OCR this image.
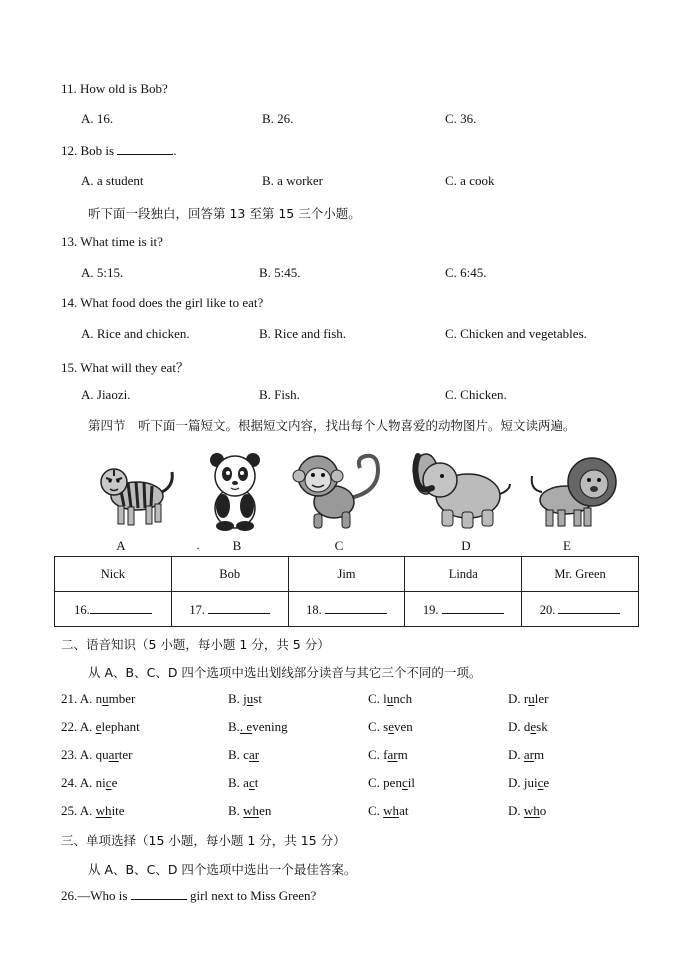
11. How old is Bob?
A. 16.	B. 26.	C. 36.
12. Bob is	.
A. a student	B. a worker	C. a cook
听下面一段独白，回答第 13 至第 15 三个小题。
13. What time is it?
A. 5:15.	B. 5:45.	C. 6:45.
14. What food does the girl like to eat?
A. Rice and chicken.	B. Rice and fish.	C. Chicken and vegetables.
15. What will they eat？
A. Jiaozi.	B. Fish.	C. Chicken.
第四节　听下面一篇短文。根据短文内容，找出每个人物喜爱的动物图片。短文读两遍。
A	.	B	C	D	E
Nick	Bob	Jim	Linda	Mr. Green
16.	17.	18.	19.	20.
二、语音知识（5 小题，每小题 1 分，共 5 分）
从 A、B、C、D 四个选项中选出划线部分读音与其它三个不同的一项。
21. A. number	B. just	C. lunch	D. ruler
22. A. elephant	B.. evening	C. seven	D. desk
23. A. quarter	B. car	C. farm	D. arm
24. A. nice	B. act	C. pencil	D. juice
25. A. white	B. when	C. what	D. who
三、单项选择（15 小题，每小题 1 分，共 15 分）
从 A、B、C、D 四个选项中选出一个最佳答案。
26.—Who is	girl next to Miss Green?
